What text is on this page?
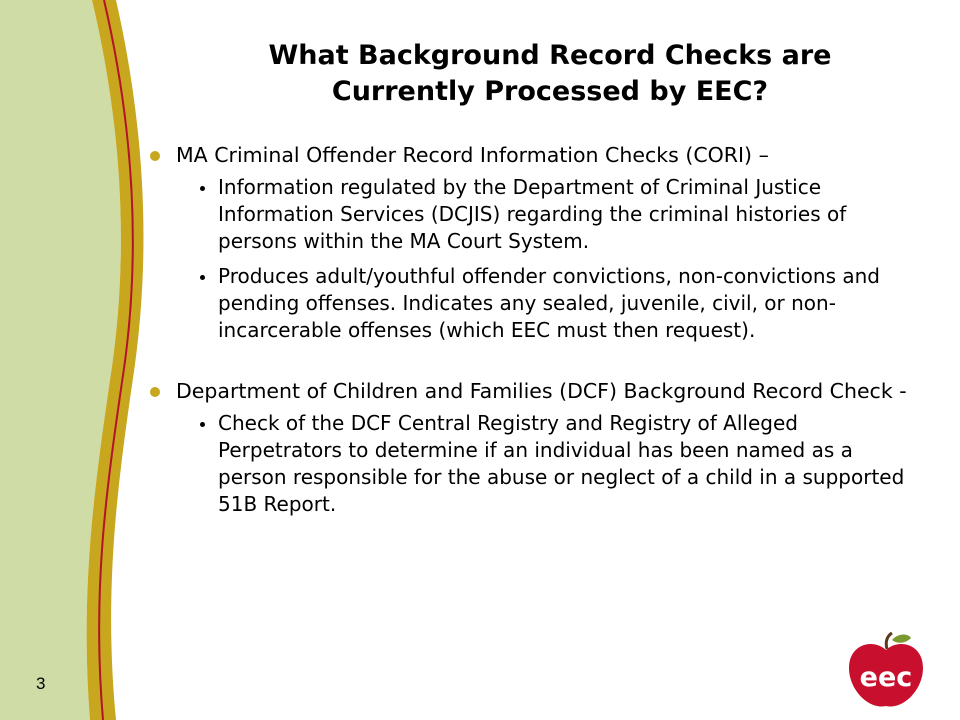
What Background Record Checks are Currently Processed by EEC?

MA Criminal Offender Record Information Checks (CORI) –

Information regulated by the Department of Criminal Justice Information Services (DCJIS) regarding the criminal histories of persons within the MA Court System.

Produces adult/youthful offender convictions, non-convictions and pending offenses. Indicates any sealed, juvenile, civil, or non-incarcerable offenses (which EEC must then request).

Department of Children and Families (DCF) Background Record Check -

Check of the DCF Central Registry and Registry of Alleged Perpetrators to determine if an individual has been named as a person responsible for the abuse or neglect of a child in a supported 51B Report.

3	eec
